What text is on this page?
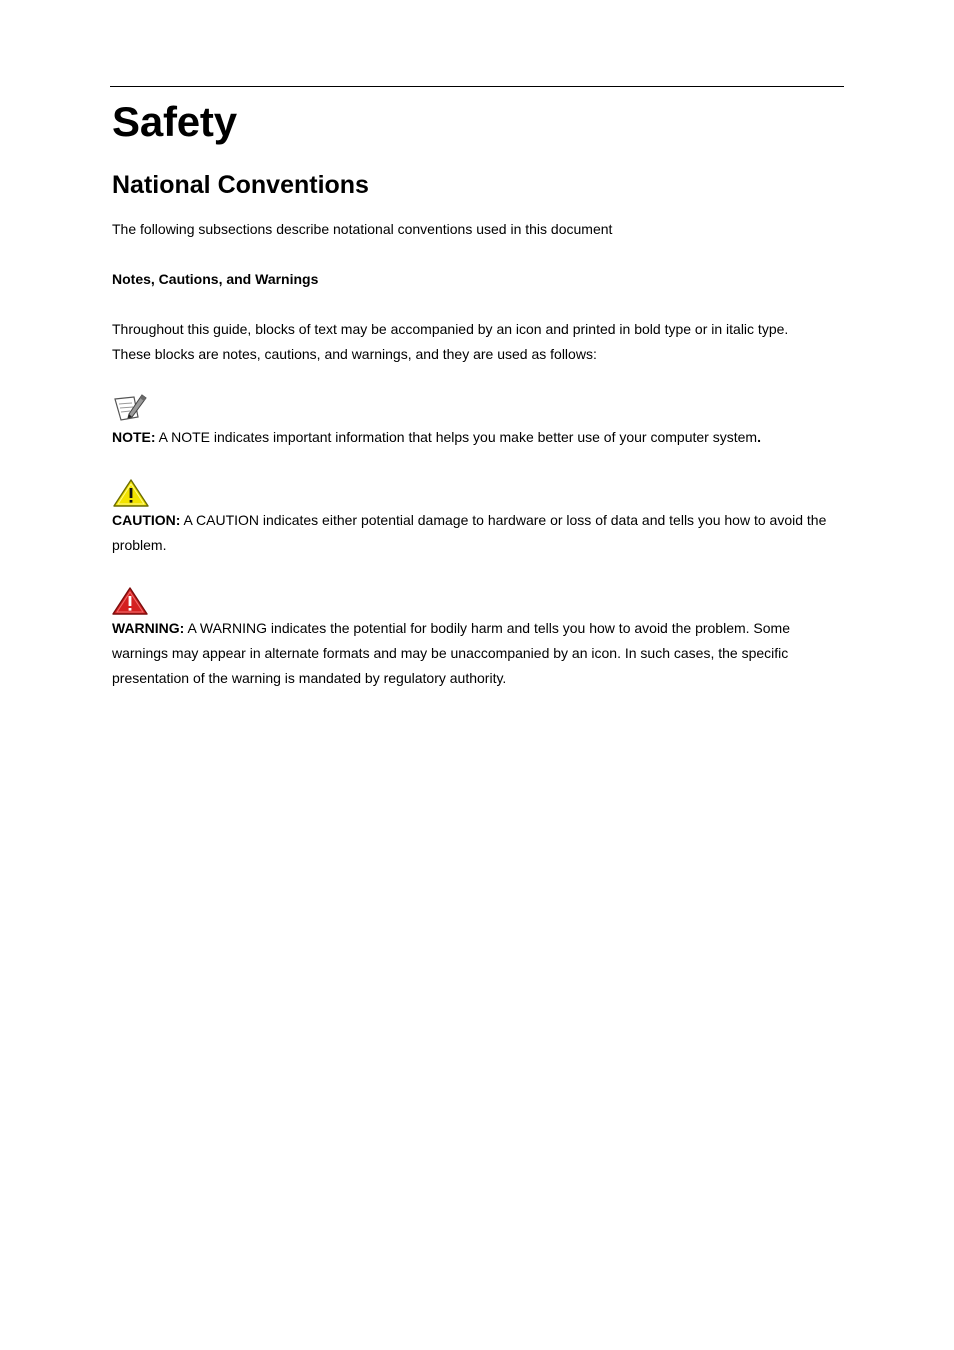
Safety
National Conventions

The following subsections describe notational conventions used in this document

Notes, Cautions, and Warnings
Throughout this guide, blocks of text may be accompanied by an icon and printed in bold type or in italic type.
These blocks are notes, cautions, and warnings, and they are used as follows:

NOTE: A NOTE indicates important information that helps you make better use of your computer system.

CAUTION: A CAUTION indicates either potential damage to hardware or loss of data and tells you how to avoid the problem.

WARNING: A WARNING indicates the potential for bodily harm and tells you how to avoid the problem. Some warnings may appear in alternate formats and may be unaccompanied by an icon. In such cases, the specific presentation of the warning is mandated by regulatory authority.
